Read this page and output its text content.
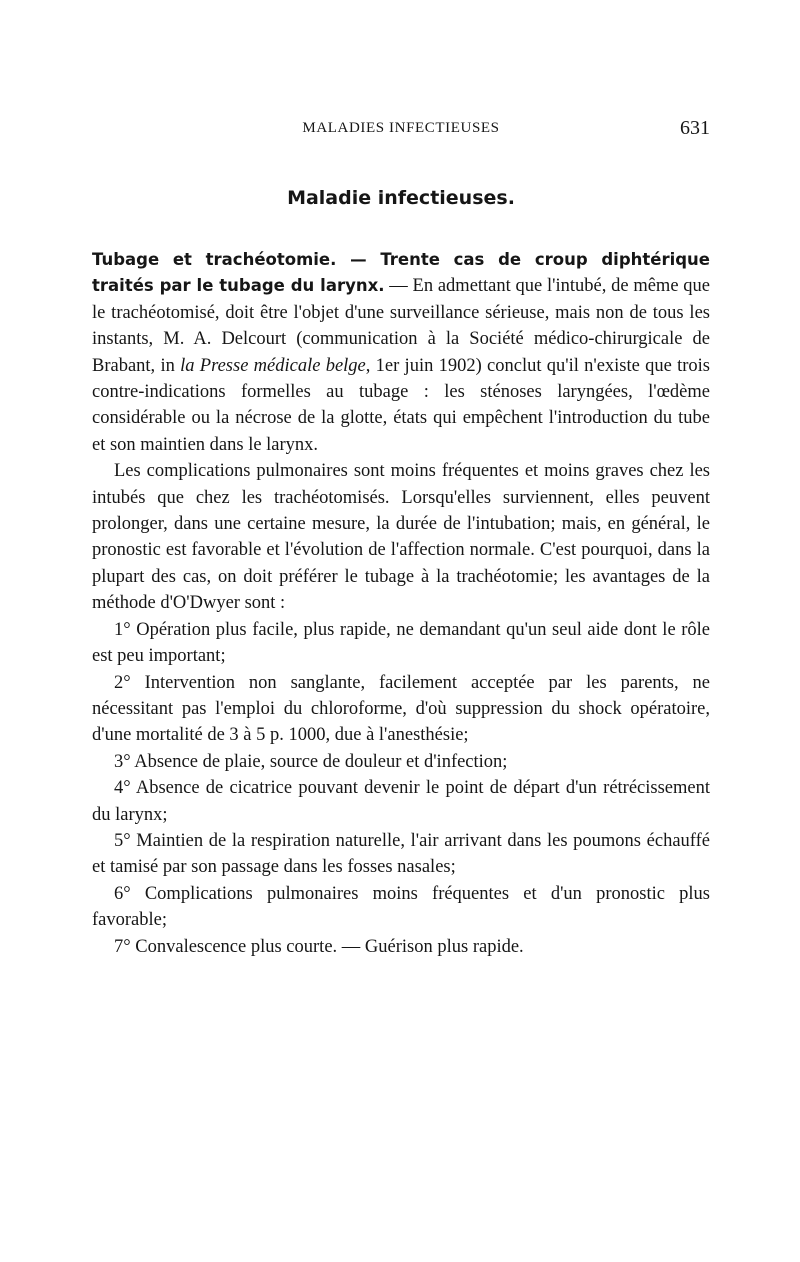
MALADIES INFECTIEUSES	631
Maladie infectieuses.

Tubage et trachéotomie. — Trente cas de croup diphtérique traités par le tubage du larynx. — En admettant que l'intubé, de même que le trachéotomisé, doit être l'objet d'une surveillance sérieuse, mais non de tous les instants, M. A. Delcourt (communication à la Société médico-chirurgicale de Brabant, in la Presse médicale belge, 1er juin 1902) conclut qu'il n'existe que trois contre-indications formelles au tubage : les sténoses laryngées, l'œdème considérable ou la nécrose de la glotte, états qui empêchent l'introduction du tube et son maintien dans le larynx.

Les complications pulmonaires sont moins fréquentes et moins graves chez les intubés que chez les trachéotomisés. Lorsqu'elles surviennent, elles peuvent prolonger, dans une certaine mesure, la durée de l'intubation; mais, en général, le pronostic est favorable et l'évolution de l'affection normale. C'est pourquoi, dans la plupart des cas, on doit préférer le tubage à la trachéotomie; les avantages de la méthode d'O'Dwyer sont :

1° Opération plus facile, plus rapide, ne demandant qu'un seul aide dont le rôle est peu important;

2° Intervention non sanglante, facilement acceptée par les parents, ne nécessitant pas l'emploi du chloroforme, d'où suppression du shock opératoire, d'une mortalité de 3 à 5 p. 1000, due à l'anesthésie;

3° Absence de plaie, source de douleur et d'infection;

4° Absence de cicatrice pouvant devenir le point de départ d'un rétrécissement du larynx;

5° Maintien de la respiration naturelle, l'air arrivant dans les poumons échauffé et tamisé par son passage dans les fosses nasales;

6° Complications pulmonaires moins fréquentes et d'un pronostic plus favorable;

7° Convalescence plus courte. — Guérison plus rapide.
